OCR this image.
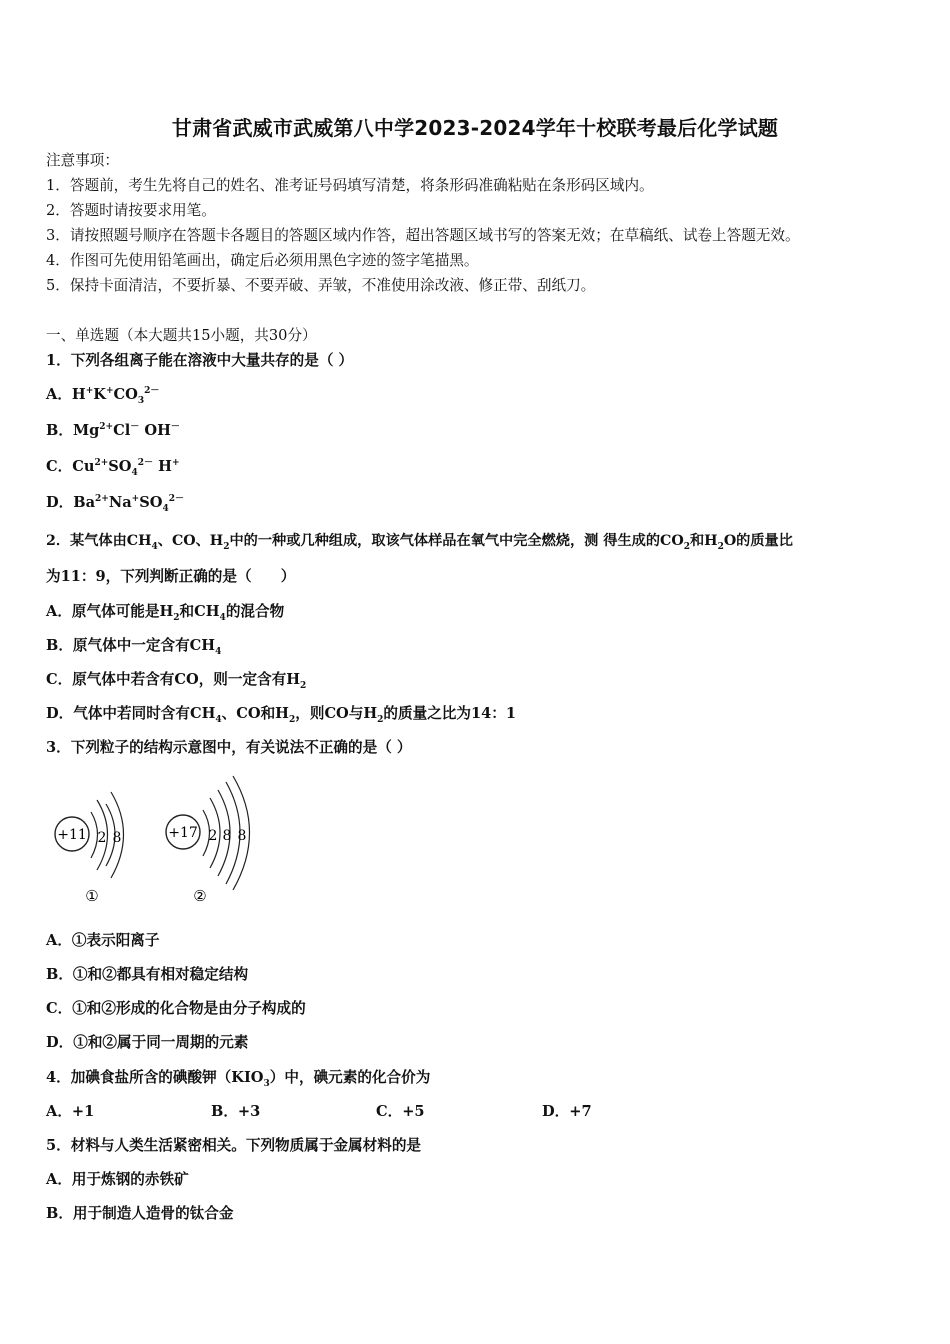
甘肃省武威市武威第八中学2023-2024学年十校联考最后化学试题
注意事项：
1．答题前，考生先将自己的姓名、准考证号码填写清楚，将条形码准确粘贴在条形码区域内。
2．答题时请按要求用笔。
3．请按照题号顺序在答题卡各题目的答题区域内作答，超出答题区域书写的答案无效；在草稿纸、试卷上答题无效。
4．作图可先使用铅笔画出，确定后必须用黑色字迹的签字笔描黑。
5．保持卡面清洁，不要折暴、不要弄破、弄皱，不准使用涂改液、修正带、刮纸刀。
一、单选题（本大题共15小题，共30分）
1．下列各组离子能在溶液中大量共存的是（ ）
A．$H^+K^+CO_3^{2-}$
B．$Mg^{2+}Cl^-$ OH－
C．$Cu^{2+}SO_4^{2-}$ H+
D．$Ba^{2+}Na^+SO_4^{2-}$
2．某气体由$CH_4$、CO、$H_2$中的一种或几种组成，取该气体样品在氧气中完全燃烧，测 得生成的$CO_2$和$H_2O$的质量比
为11：9，下列判断正确的是（　　）
A．原气体可能是$H_2$和$CH_4$的混合物
B．原气体中一定含有$CH_4$
C．原气体中若含有CO，则一定含有$H_2$
D．气体中若同时含有$CH_4$、CO和$H_2$，则CO与$H_2$的质量之比为14：1
3．下列粒子的结构示意图中，有关说法不正确的是（ ）
+11 2 8
①
+17 2 8 8
②
A．①表示阳离子
B．①和②都具有相对稳定结构
C．①和②形成的化合物是由分子构成的
D．①和②属于同一周期的元素
4．加碘食盐所含的碘酸钾$(KIO_3)$中，碘元素的化合价为
A．+1	B．+3	C．+5	D．+7
5．材料与人类生活紧密相关。下列物质属于金属材料的是
A．用于炼钢的赤铁矿
B．用于制造人造骨的钛合金
